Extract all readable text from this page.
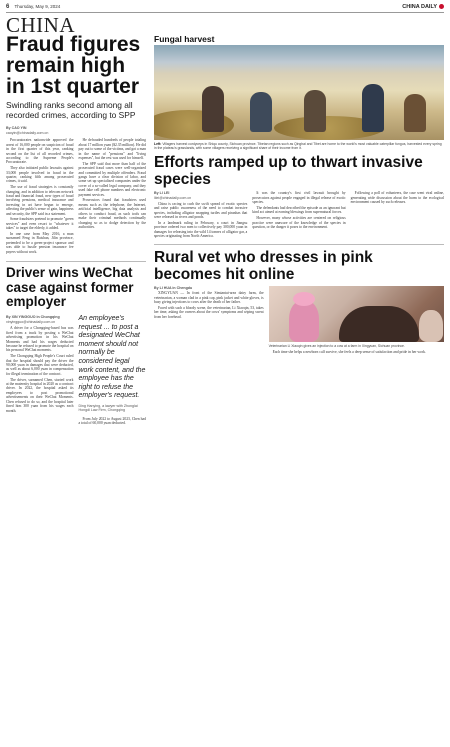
6 Thursday, May 9, 2024	CHINA DAILY
CHINA
Fraud figures remain high in 1st quarter
Swindling ranks second among all recorded crimes, according to SPP
By CAO YIN
caoyin@chinadaily.com.cn

Procuratorates nationwide approved the arrest of 16,000 people on suspicion of fraud in the first quarter of this year, ranking second on the list of all recorded crimes, according to the Supreme People's Procuratorate.

They also initiated public lawsuits against 33,000 people involved in fraud in the quarter, ranking fifth among prosecuted crimes, it said.

The use of fraud strategies is constantly changing, and in addition to telecom network fraud and financial fraud, new types of fraud involving pensions, medical insurance and investing in art have begun to emerge, affecting the public's sense of gain, happiness and security, the SPP said in a statement.

Some fraudsters pretend to promote "green services" and even resort to "whatever it takes" to target the elderly, it added.

In one case from May 2016, a man surnamed Feng in Baishan, Jilin province, pretended to be a green-project sponsor and was able to hustle pension insurance fee payers without work.

He defrauded hundreds of people totaling about 17 million yuan ($2.35 million). He did pay out to some of the victims, and got a man in the name of "pensions" and "living expenses", but the rest was used for himself.

The SPP said that more than half of the prosecuted fraud cases were well-organized and committed by multiple offenders. Fraud gangs have a clear division of labor, and some set up specialized companies under the cover of a so-called legal company, and they used fake cell phone numbers and electronic payment services.

Prosecutors found that fraudsters used means such as the telephone, the Internet, artificial intelligence, big data analysis and others to conduct fraud, as such tools can make their criminal methods continually changing so as to dodge detection by the authorities.

Driver wins WeChat case against former employer
By XIN YINGGUO in Chongqing
xinyingguo@chinadaily.com.cn

A driver for a Chongqing-based bus was fired from a truck by posting a WeChat advertising promotion in his WeChat Moments and had his wages deducted because he refused to promote the hospital on his personal WeChat moments.

The Chongqing High People's Court ruled that the hospital should pay the driver the 90,000 yuan in damages that were deducted, as well as about 6,000 yuan in compensation for illegal termination of the contract.

The driver, surnamed Chen, started work at the maternity hospital in 2020 as a contract driver. In 2022, the hospital asked its employees to post promotional advertisements on their WeChat Moments. Chen refused to do so, and the hospital later fined him 300 yuan from his wages each month.

An employee's request ... to post a designated WeChat moment should not normally be considered legal work content, and the employee has the right to refuse the employer's request.
Ding Hanying, a lawyer with Zhonglai Hongdi Law Firm, Chongqing

From July 2022 to August 2023, Chen had a total of 60,000 yuan deducted.

Fungal harvest
Left: Villagers harvest cordyceps in Shiqu county, Sichuan province. Tibetan regions such as Qinghai and Tibet are home to the world's most valuable caterpillar fungus, harvested every spring in the plateau's grasslands, with some villagers receiving a significant share of their income from it.
Efforts ramped up to thwart invasive species
By LI LEI
lilei@chinadaily.com.cn

China is racing to curb the swift spread of exotic species and raise public awareness of the need to combat invasive species, including alligator snapping turtles and piranhas that were released in rivers and ponds.

In a landmark ruling in February, a court in Jiangsu province ordered two men to collectively pay 300,000 yuan in damages for releasing into the wild 14 tonnes of alligator gar, a species originating from North America.

It was the country's first civil lawsuit brought by prosecutors against people engaged in illegal release of exotic species.

The defendants had described the episode as an ignorant but kind act aimed at earning blessings from supernatural forces.

However, many whose activities are centered on religious practice were unaware of the knowledge of the species in question, or the danger it poses to the environment.

Following a poll of volunteers, the case went viral online, generating wide discussion about the harm to the ecological environment caused by such releases.

Rural vet who dresses in pink becomes hit online
By LI HUA in Chengdu

XINGYUAN — In front of the Simiantai-area dairy farm, the veterinarian, a woman clad in a pink cap, pink jacket and white gloves, is busy giving injections to cows after the death of her father.

Faced with such a bloody scene, the veterinarian, Li Xiaoqin, 53, takes her time, asking the owners about the cows' symptoms and wiping sweat from her forehead.

Veterinarian Li Xiaoqin gives an injection to a cow at a farm in Xingyuan, Sichuan province.

Each time she helps a newborn calf survive, she feels a deep sense of satisfaction and pride in her work.
